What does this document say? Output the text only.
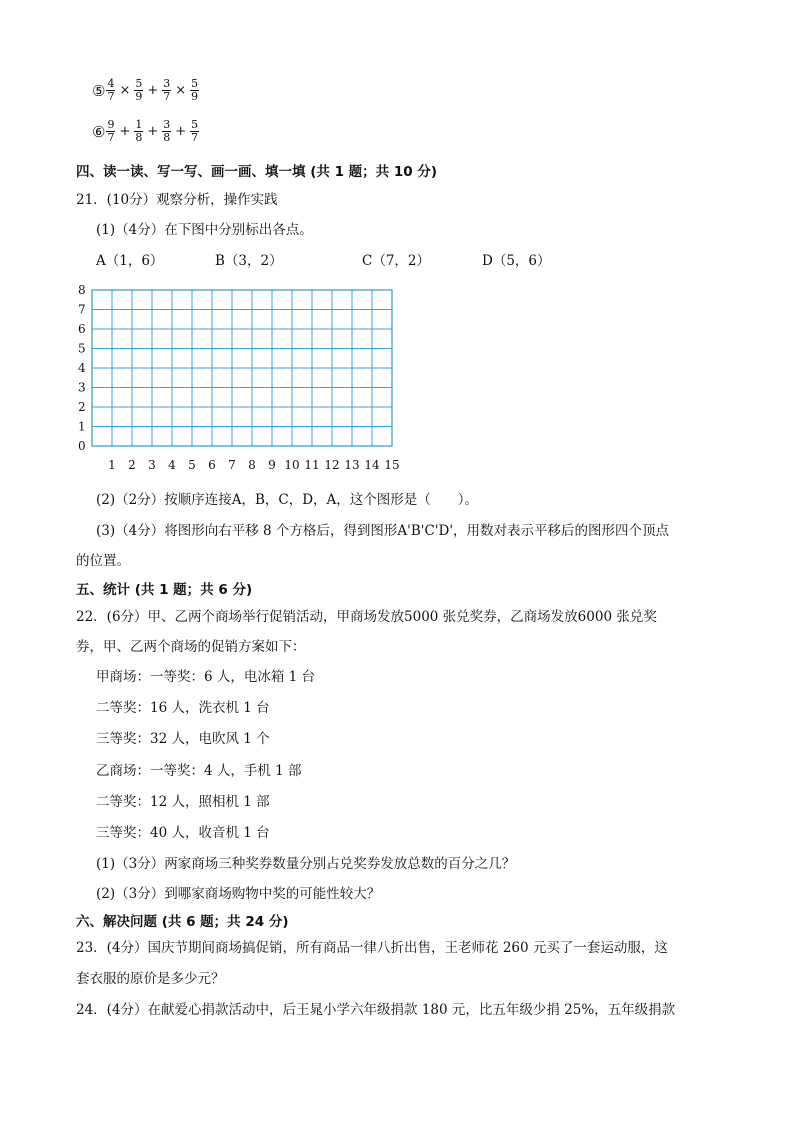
⑤ $\frac{4}{7} \times \frac{5}{9} + \frac{3}{7} \times \frac{5}{9}$
⑥ $\frac{9}{7} + \frac{1}{8} + \frac{3}{8} + \frac{5}{7}$
四、读一读、写一写、画一画、填一填 (共 1 题；共 10 分)
21．(10分）观察分析，操作实践
(1)（4分）在下图中分别标出各点。
A（1，6）	B（3，2）	C（7，2）	D（5，6）
0
1
2
3
4
5
6
7
8
1 2 3 4 5 6 7 8 9 10 11 12 13 14 15
(2)（2分）按顺序连接A，B，C，D，A，这个图形是（　　）。
(3)（4分）将图形向右平移 8 个方格后，得到图形A'B'C'D'，用数对表示平移后的图形四个顶点
的位置。
五、统计 (共 1 题；共 6 分)
22．(6分）甲、乙两个商场举行促销活动，甲商场发放5000 张兑奖券，乙商场发放6000 张兑奖
券，甲、乙两个商场的促销方案如下：
甲商场：一等奖：6 人，电冰箱 1 台
二等奖：16 人，洗衣机 1 台
三等奖：32 人，电吹风 1 个
乙商场：一等奖：4 人，手机 1 部
二等奖：12 人，照相机 1 部
三等奖：40 人，收音机 1 台
(1)（3分）两家商场三种奖券数量分别占兑奖券发放总数的百分之几？
(2)（3分）到哪家商场购物中奖的可能性较大？
六、解决问题 (共 6 题；共 24 分)
23．(4分）国庆节期间商场搞促销，所有商品一律八折出售，王老师花 260 元买了一套运动服，这
套衣服的原价是多少元？
24．(4分）在献爱心捐款活动中，后王晁小学六年级捐款 180 元，比五年级少捐 25%，五年级捐款
